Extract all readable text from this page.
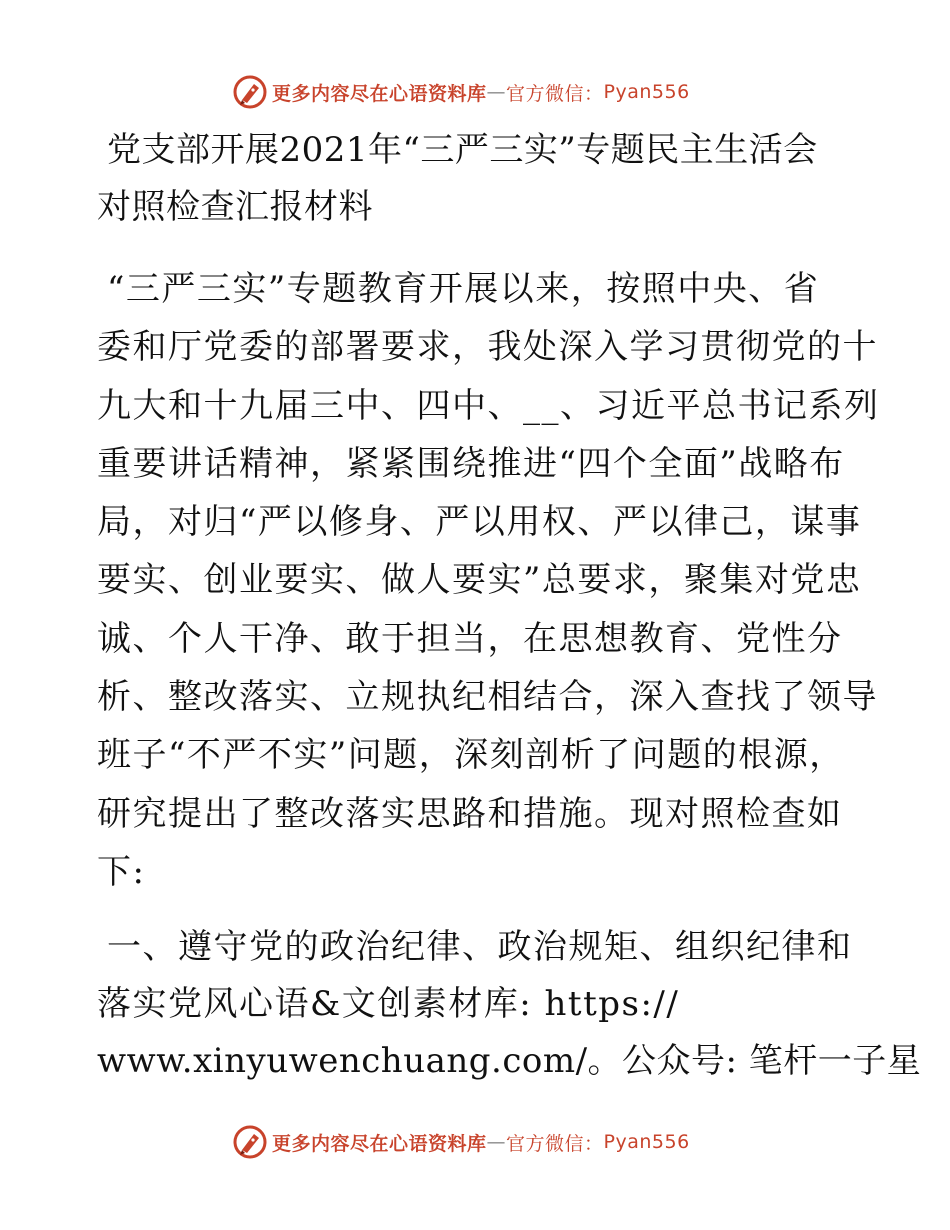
更多内容尽在心语资料库 — 官方微信： Pyan556
党支部开展2021年“三严三实”专题民主生活会
对照检查汇报材料

“三严三实”专题教育开展以来，按照中央、省
委和厅党委的部署要求，我处深入学习贯彻党的十
九大和十九届三中、四中、__、习近平总书记系列
重要讲话精神，紧紧围绕推进“四个全面”战略布
局，对归“严以修身、严以用权、严以律己，谋事
要实、创业要实、做人要实”总要求，聚集对党忠
诚、个人干净、敢于担当，在思想教育、党性分
析、整改落实、立规执纪相结合，深入查找了领导
班子“不严不实”问题，深刻剖析了问题的根源，
研究提出了整改落实思路和措施。现对照检查如
下:

一、遵守党的政治纪律、政治规矩、组织纪律和
落实党风心语&文创素材库: https://
www.xinyuwenchuang.com/。公众号: 笔杆一子星

更多内容尽在心语资料库 — 官方微信： Pyan556
